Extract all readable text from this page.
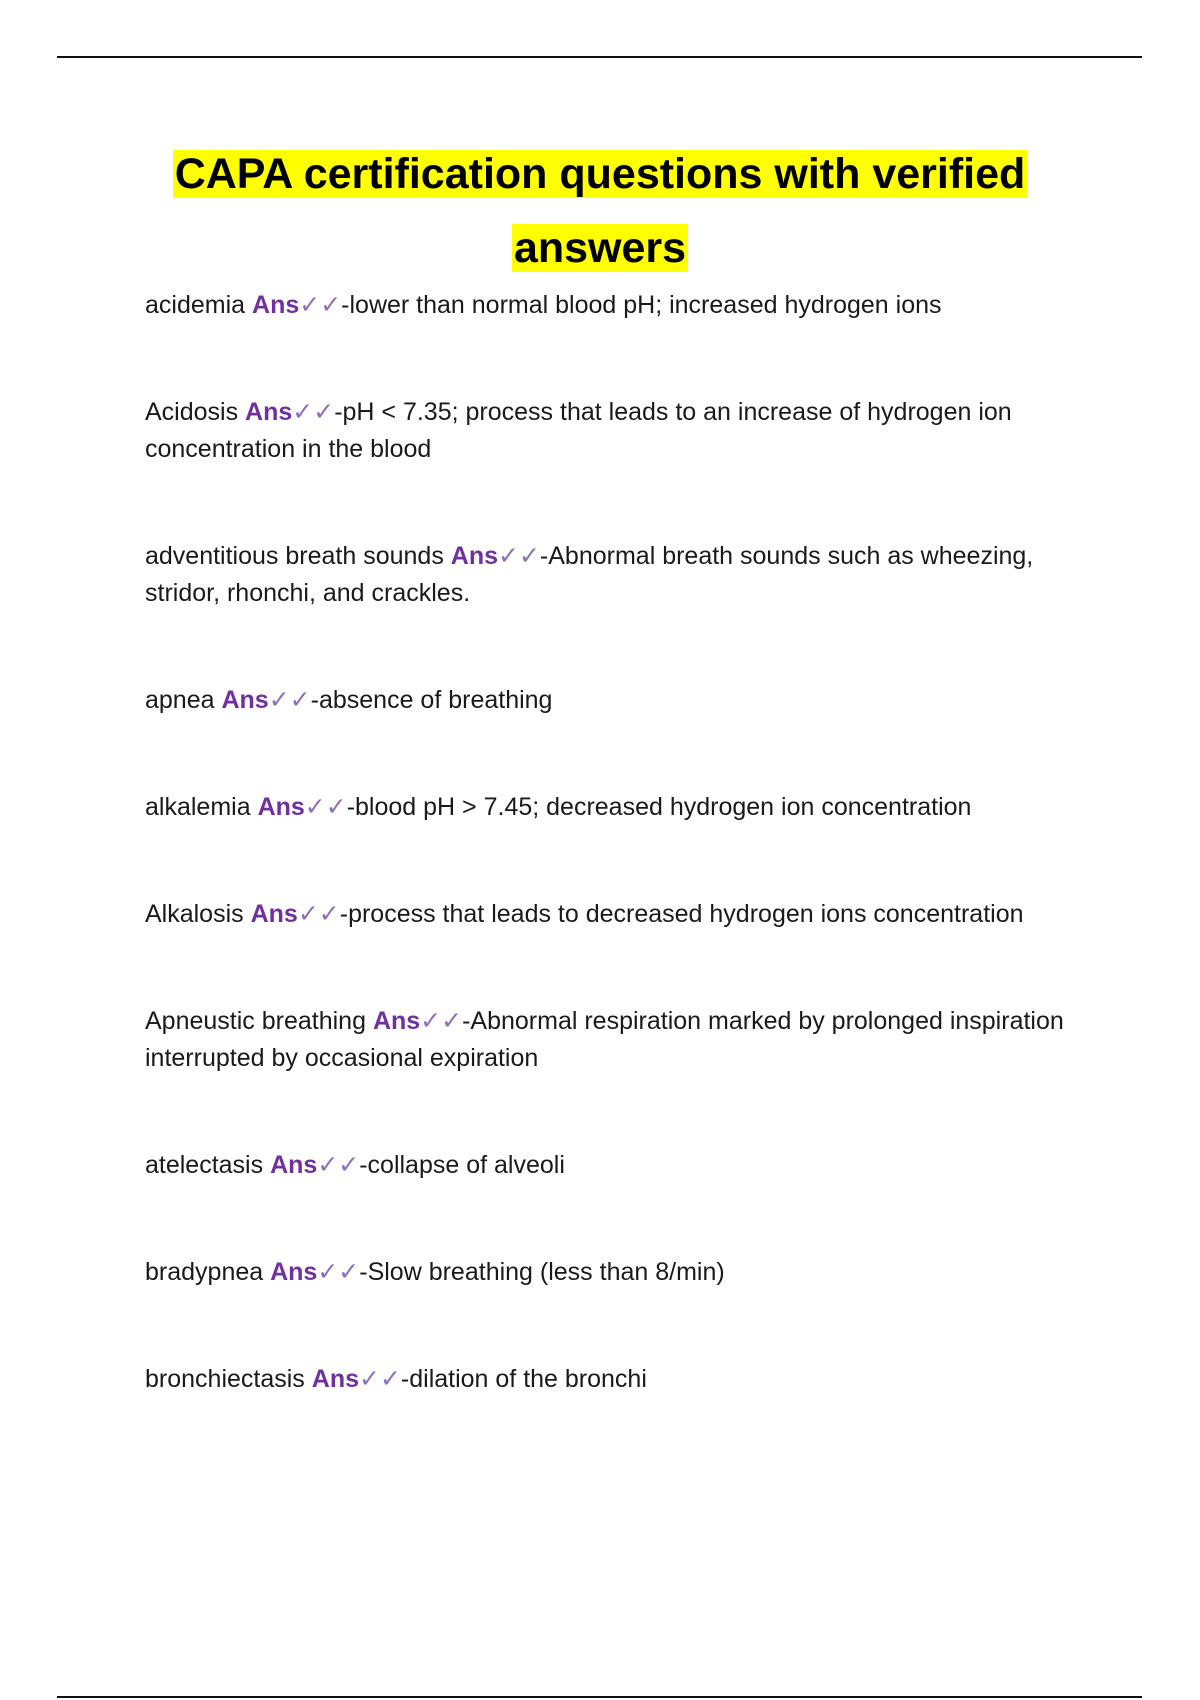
CAPA certification questions with verified answers

acidemia Ans✓✓-lower than normal blood pH; increased hydrogen ions

Acidosis Ans✓✓-pH < 7.35; process that leads to an increase of hydrogen ion concentration in the blood

adventitious breath sounds Ans✓✓-Abnormal breath sounds such as wheezing, stridor, rhonchi, and crackles.

apnea Ans✓✓-absence of breathing

alkalemia Ans✓✓-blood pH > 7.45; decreased hydrogen ion concentration

Alkalosis Ans✓✓-process that leads to decreased hydrogen ions concentration

Apneustic breathing Ans✓✓-Abnormal respiration marked by prolonged inspiration interrupted by occasional expiration

atelectasis Ans✓✓-collapse of alveoli

bradypnea Ans✓✓-Slow breathing (less than 8/min)

bronchiectasis Ans✓✓-dilation of the bronchi
